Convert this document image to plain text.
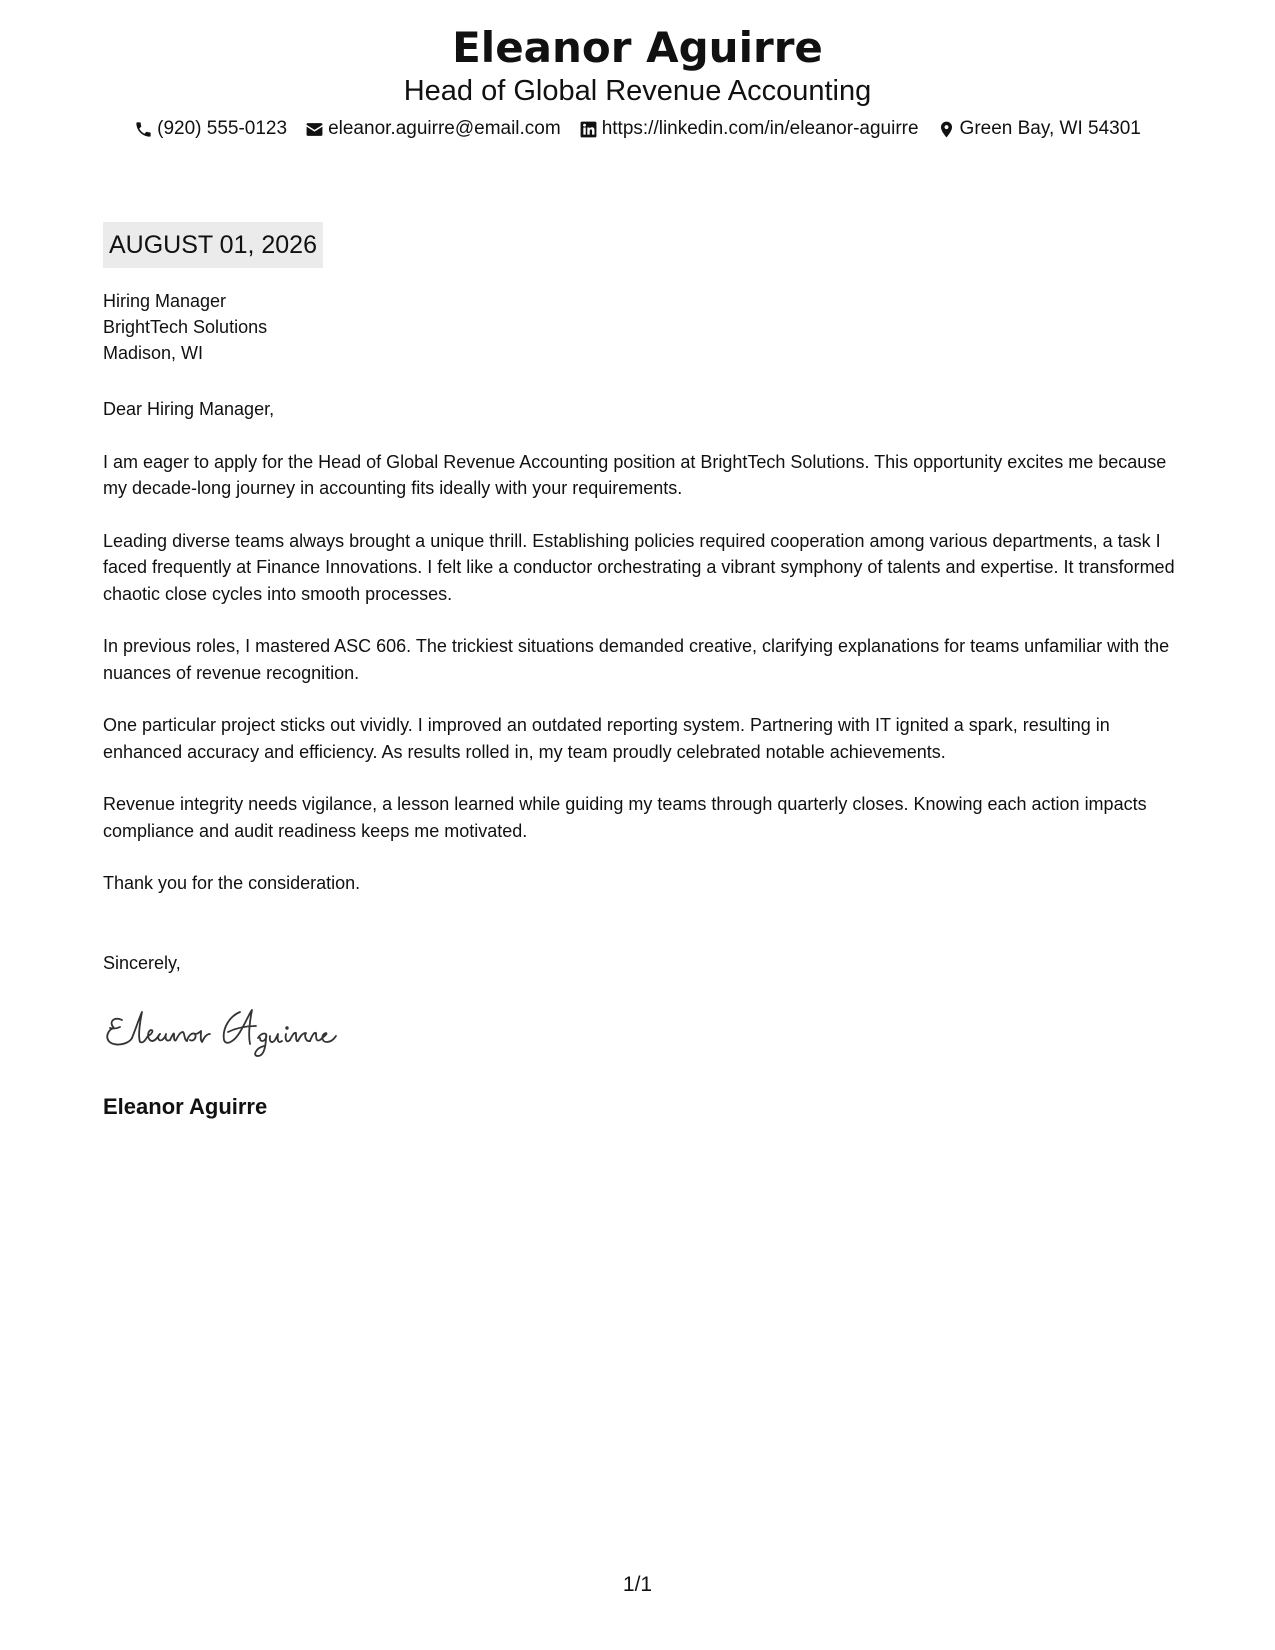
Eleanor Aguirre
Head of Global Revenue Accounting
(920) 555-0123 eleanor.aguirre@email.com https://linkedin.com/in/eleanor-aguirre Green Bay, WI 54301
AUGUST 01, 2026
Hiring Manager
BrightTech Solutions
Madison, WI

Dear Hiring Manager,

I am eager to apply for the Head of Global Revenue Accounting position at BrightTech Solutions. This opportunity excites me because my decade-long journey in accounting fits ideally with your requirements.

Leading diverse teams always brought a unique thrill. Establishing policies required cooperation among various departments, a task I faced frequently at Finance Innovations. I felt like a conductor orchestrating a vibrant symphony of talents and expertise. It transformed chaotic close cycles into smooth processes.

In previous roles, I mastered ASC 606. The trickiest situations demanded creative, clarifying explanations for teams unfamiliar with the nuances of revenue recognition.

One particular project sticks out vividly. I improved an outdated reporting system. Partnering with IT ignited a spark, resulting in enhanced accuracy and efficiency. As results rolled in, my team proudly celebrated notable achievements.

Revenue integrity needs vigilance, a lesson learned while guiding my teams through quarterly closes. Knowing each action impacts compliance and audit readiness keeps me motivated.

Thank you for the consideration.

Sincerely,
Eleanor Aguirre
1/1
